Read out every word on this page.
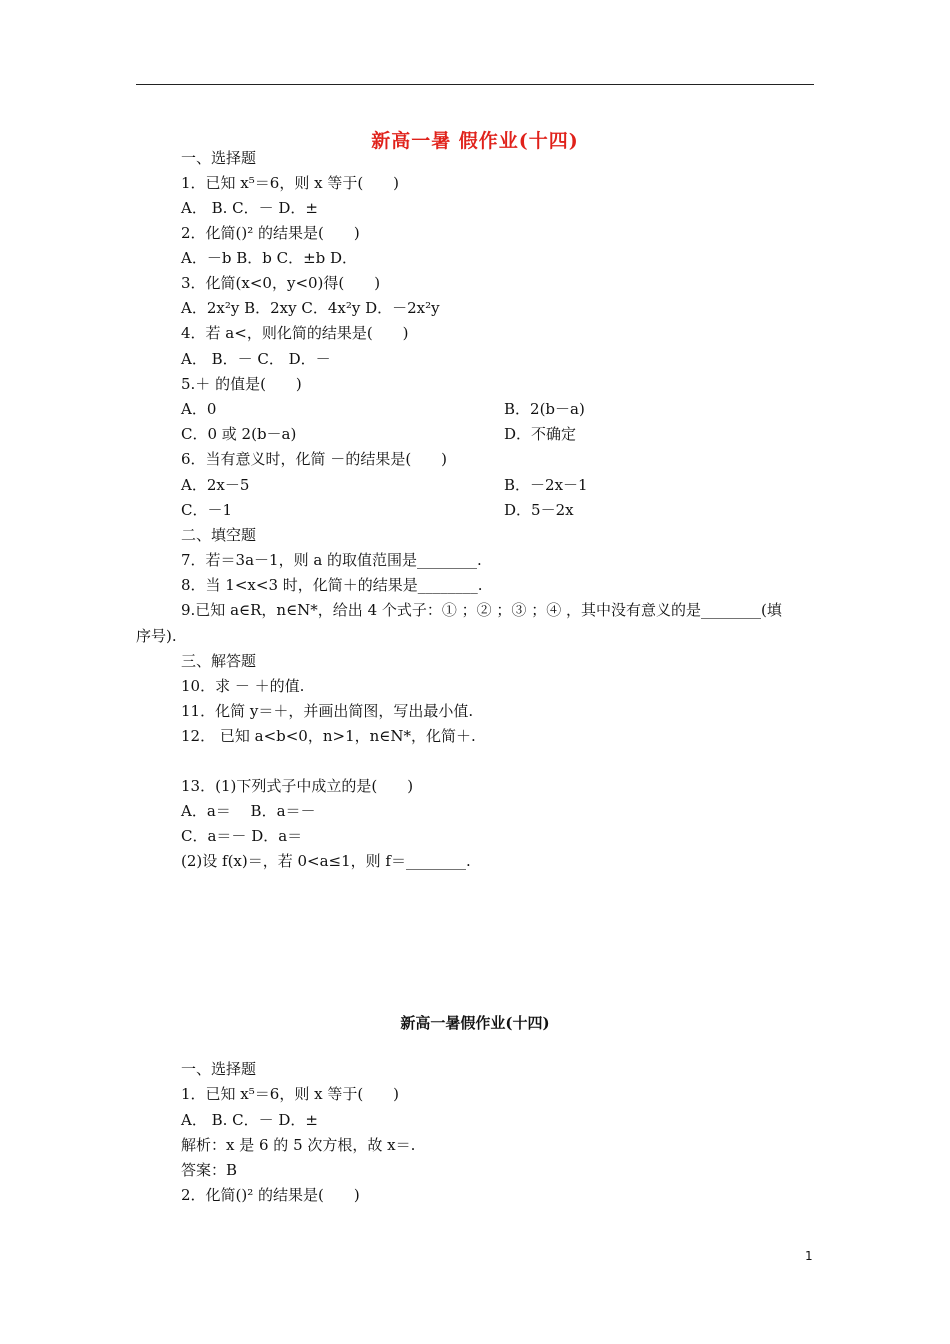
新高一暑 假作业(十四)
一、选择题
1．已知 x⁵＝6，则 x 等于(　　)
A． B. C．－ D．±
2．化简()² 的结果是(　　)
A．－b B．b C．±b D．
3．化简(x<0，y<0)得(　　)
A．2x²y B．2xy C．4x²y D．－2x²y
4．若 a<，则化简的结果是(　　)
A． B．－ C． D．－
5.＋ 的值是(　　)
A．0	B．2(b－a)
C．0 或 2(b－a)	D．不确定
6．当有意义时，化简 －的结果是(　　)
A．2x－5	B．－2x－1
C．－1	D．5－2x
二、填空题
7．若＝3a－1，则 a 的取值范围是________.
8．当 1<x<3 时，化简＋的结果是________.
9.已知 a∈R，n∈N*，给出 4 个式子：① ；② ；③ ；④ ，其中没有意义的是________(填
序号).
三、解答题
10．求 － ＋的值.
11．化简 y＝＋，并画出简图，写出最小值.
12． 已知 a<b<0，n>1，n∈N*，化简＋.
13．(1)下列式子中成立的是(　　)
A．a＝　 B．a＝－
C．a＝－ D．a＝
(2)设 f(x)＝，若 0<a≤1，则 f＝________.
新高一暑假作业(十四)
一、选择题
1．已知 x⁵＝6，则 x 等于(　　)
A． B. C．－ D．±
解析：x 是 6 的 5 次方根，故 x＝.
答案：B
2．化简()² 的结果是(　　)
1
